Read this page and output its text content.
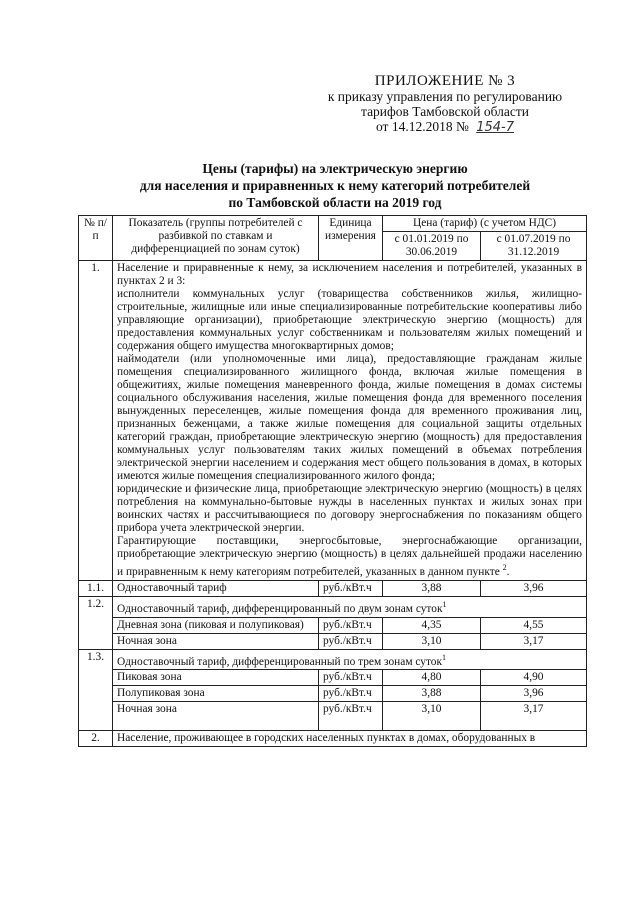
ПРИЛОЖЕНИЕ № 3
к приказу управления по регулированию
тарифов Тамбовской области
от 14.12.2018 № 154-7
Цены (тарифы) на электрическую энергию
для населения и приравненных к нему категорий потребителей
по Тамбовской области на 2019 год
№ п/п	Показатель (группы потребителей с разбивкой по ставкам и дифференциацией по зонам суток)	Единица измерения	Цена (тариф) (с учетом НДС)	
			с 01.01.2019 по 30.06.2019	с 01.07.2019 по 31.12.2019
1.	Население и приравненные к нему, за исключением населения и потребителей, указанных в пунктах 2 и 3:

исполнители коммунальных услуг (товарищества собственников жилья, жилищно-строительные, жилищные или иные специализированные потребительские кооперативы либо управляющие организации), приобретающие электрическую энергию (мощность) для предоставления коммунальных услуг собственникам и пользователям жилых помещений и содержания общего имущества многоквартирных домов;

наймодатели (или уполномоченные ими лица), предоставляющие гражданам жилые помещения специализированного жилищного фонда, включая жилые помещения в общежитиях, жилые помещения маневренного фонда, жилые помещения в домах системы социального обслуживания населения, жилые помещения фонда для временного поселения вынужденных переселенцев, жилые помещения фонда для временного проживания лиц, признанных беженцами, а также жилые помещения для социальной защиты отдельных категорий граждан, приобретающие электрическую энергию (мощность) для предоставления коммунальных услуг пользователям таких жилых помещений в объемах потребления электрической энергии населением и содержания мест общего пользования в домах, в которых имеются жилые помещения специализированного жилого фонда;

юридические и физические лица, приобретающие электрическую энергию (мощность) в целях потребления на коммунально-бытовые нужды в населенных пунктах и жилых зонах при воинских частях и рассчитывающиеся по договору энергоснабжения по показаниям общего прибора учета электрической энергии.

Гарантирующие поставщики, энергосбытовые, энергоснабжающие организации, приобретающие электрическую энергию (мощность) в целях дальнейшей продажи населению и приравненным к нему категориям потребителей, указанных в данном пункте $^2$.			

1.1.	Одноставочный тариф	руб./кВт.ч	3,88	3,96
1.2.	Одноставочный тариф, дифференцированный по двум зонам суток$^1$
	Дневная зона (пиковая и полупиковая)	руб./кВт.ч	4,35	4,55
	Ночная зона	руб./кВт.ч	3,10	3,17
1.3.	Одноставочный тариф, дифференцированный по трем зонам суток$^1$
	Пиковая зона	руб./кВт.ч	4,80	4,90
	Полупиковая зона	руб./кВт.ч	3,88	3,96
	Ночная зона	руб./кВт.ч	3,10	3,17
2.	Население, проживающее в городских населенных пунктах в домах, оборудованных в			
